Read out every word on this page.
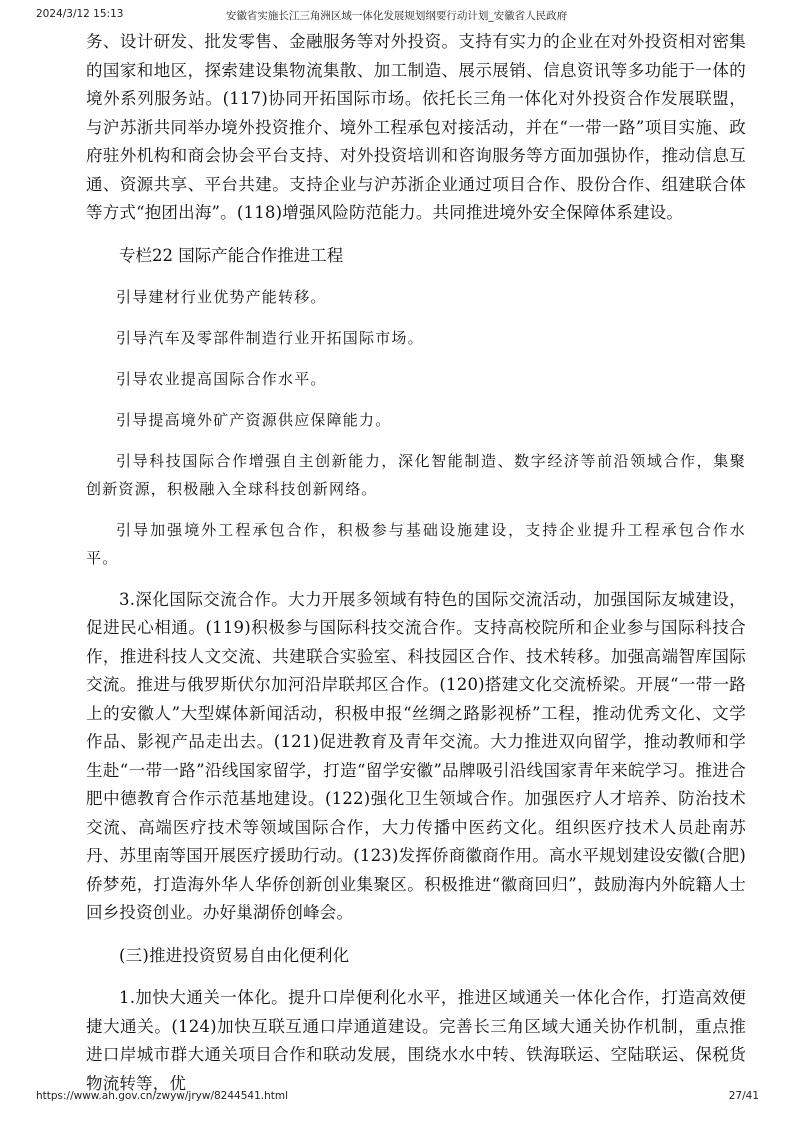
2024/3/12 15:13	安徽省实施长江三角洲区域一体化发展规划纲要行动计划_安徽省人民政府

务、设计研发、批发零售、金融服务等对外投资。支持有实力的企业在对外投资相对密集的国家和地区，探索建设集物流集散、加工制造、展示展销、信息资讯等多功能于一体的境外系列服务站。(117)协同开拓国际市场。依托长三角一体化对外投资合作发展联盟，与沪苏浙共同举办境外投资推介、境外工程承包对接活动，并在“一带一路”项目实施、政府驻外机构和商会协会平台支持、对外投资培训和咨询服务等方面加强协作，推动信息互通、资源共享、平台共建。支持企业与沪苏浙企业通过项目合作、股份合作、组建联合体等方式“抱团出海”。(118)增强风险防范能力。共同推进境外安全保障体系建设。

专栏22 国际产能合作推进工程

引导建材行业优势产能转移。

引导汽车及零部件制造行业开拓国际市场。

引导农业提高国际合作水平。

引导提高境外矿产资源供应保障能力。

引导科技国际合作增强自主创新能力，深化智能制造、数字经济等前沿领域合作，集聚创新资源，积极融入全球科技创新网络。

引导加强境外工程承包合作，积极参与基础设施建设，支持企业提升工程承包合作水平。

3.深化国际交流合作。大力开展多领域有特色的国际交流活动，加强国际友城建设，促进民心相通。(119)积极参与国际科技交流合作。支持高校院所和企业参与国际科技合作，推进科技人文交流、共建联合实验室、科技园区合作、技术转移。加强高端智库国际交流。推进与俄罗斯伏尔加河沿岸联邦区合作。(120)搭建文化交流桥梁。开展“一带一路上的安徽人”大型媒体新闻活动，积极申报“丝绸之路影视桥”工程，推动优秀文化、文学作品、影视产品走出去。(121)促进教育及青年交流。大力推进双向留学，推动教师和学生赴“一带一路”沿线国家留学，打造“留学安徽”品牌吸引沿线国家青年来皖学习。推进合肥中德教育合作示范基地建设。(122)强化卫生领域合作。加强医疗人才培养、防治技术交流、高端医疗技术等领域国际合作，大力传播中医药文化。组织医疗技术人员赴南苏丹、苏里南等国开展医疗援助行动。(123)发挥侨商徽商作用。高水平规划建设安徽(合肥)侨梦苑，打造海外华人华侨创新创业集聚区。积极推进“徽商回归”，鼓励海内外皖籍人士回乡投资创业。办好巢湖侨创峰会。

(三)推进投资贸易自由化便利化

1.加快大通关一体化。提升口岸便利化水平，推进区域通关一体化合作，打造高效便捷大通关。(124)加快互联互通口岸通道建设。完善长三角区域大通关协作机制，重点推进口岸城市群大通关项目合作和联动发展，围绕水水中转、铁海联运、空陆联运、保税货物流转等，优

https://www.ah.gov.cn/zwyw/jryw/8244541.html	27/41
